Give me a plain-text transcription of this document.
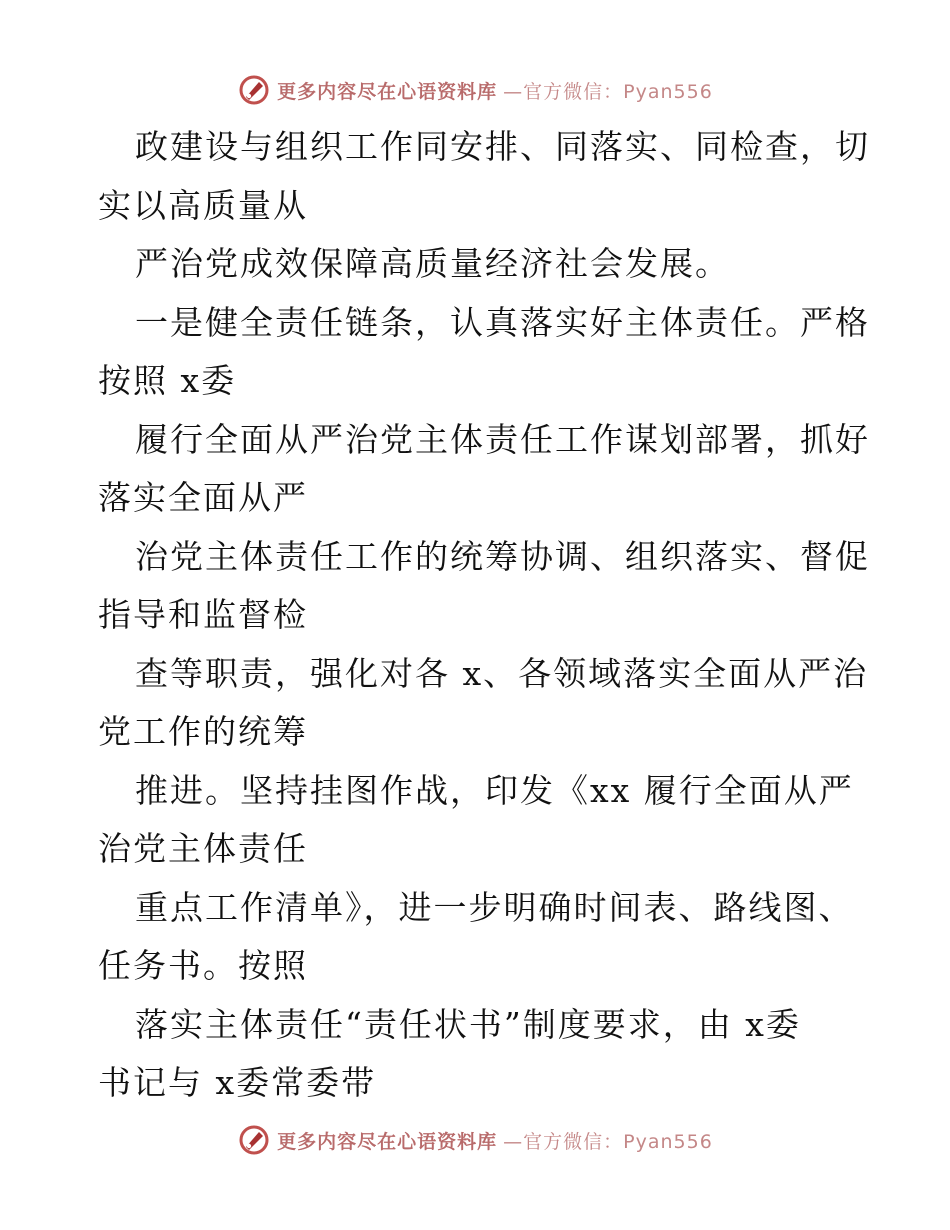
更多内容尽在心语资料库 —官方微信：Pyan556
政建设与组织工作同安排、同落实、同检查，切
实以高质量从
严治党成效保障高质量经济社会发展。
一是健全责任链条，认真落实好主体责任。严格
按照 x委
履行全面从严治党主体责任工作谋划部署，抓好
落实全面从严
治党主体责任工作的统筹协调、组织落实、督促
指导和监督检
查等职责，强化对各 x、各领域落实全面从严治
党工作的统筹
推进。坚持挂图作战，印发《xx 履行全面从严
治党主体责任
重点工作清单》，进一步明确时间表、路线图、
任务书。按照
落实主体责任“责任状书”制度要求，由 x委
书记与 x委常委带
更多内容尽在心语资料库 —官方微信：Pyan556
